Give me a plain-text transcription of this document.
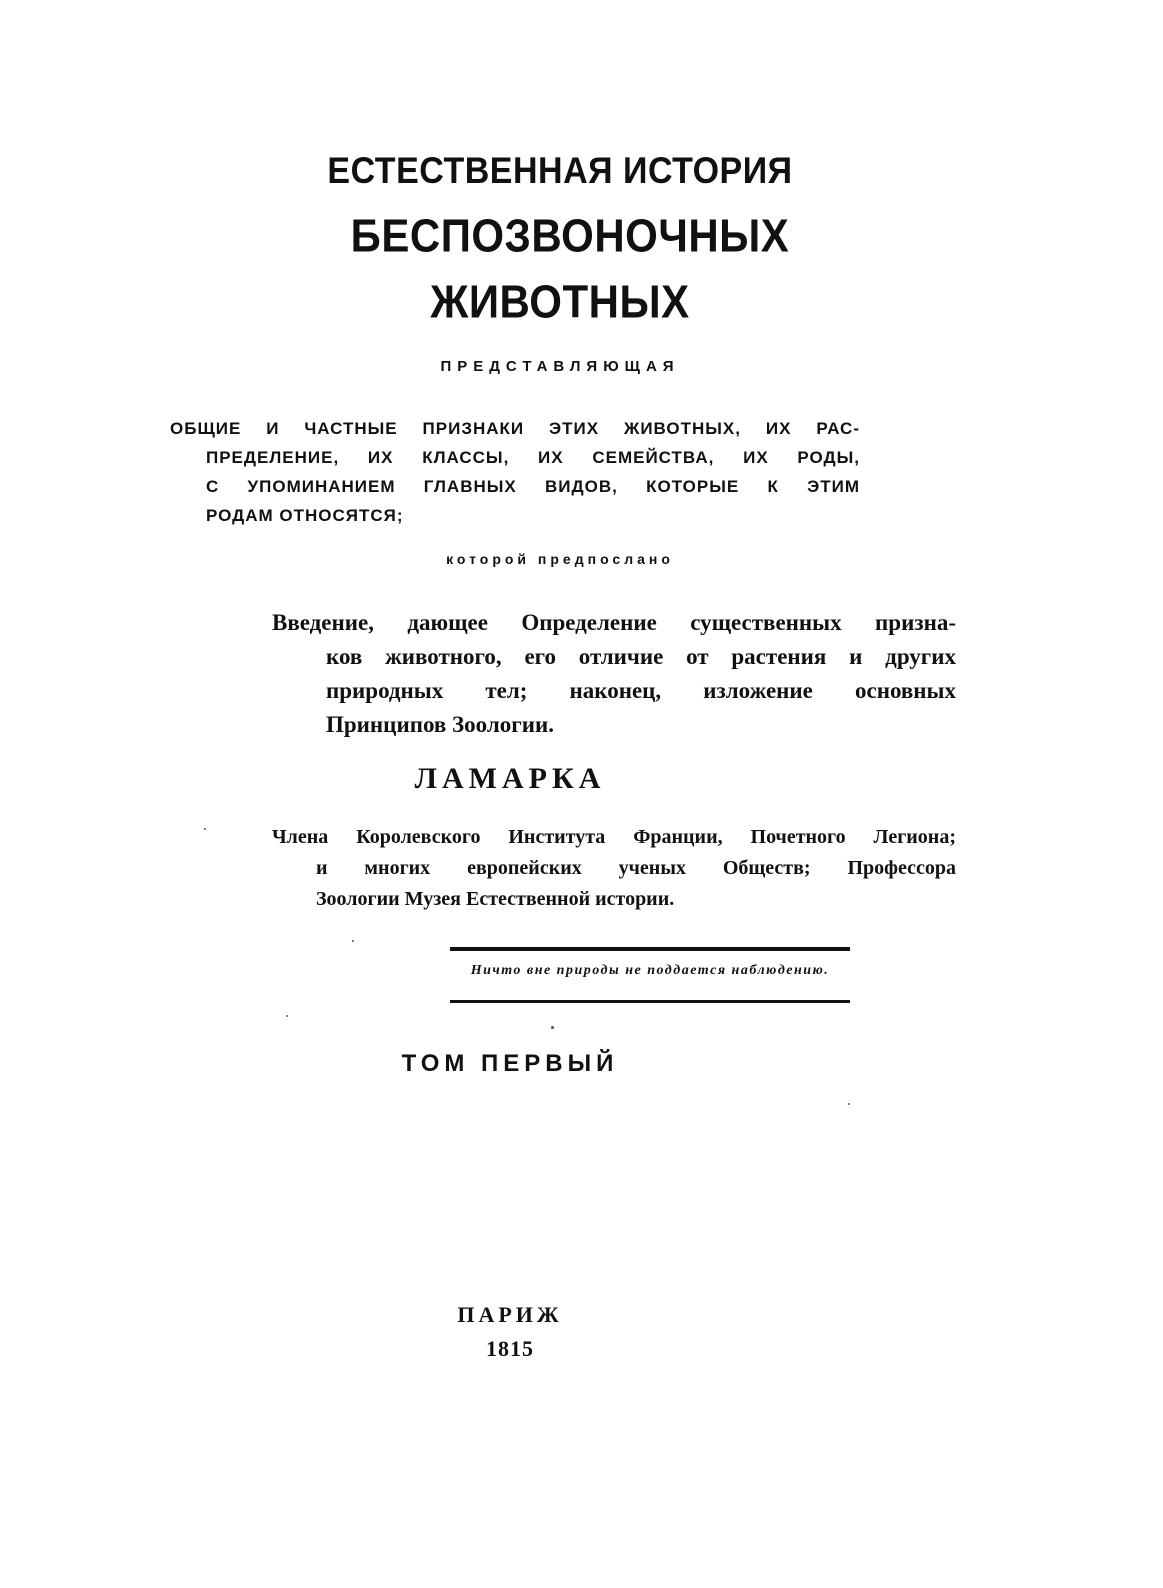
ЕСТЕСТВЕННАЯ ИСТОРИЯ
БЕСПОЗВОНОЧНЫХ
ЖИВОТНЫХ
ПРЕДСТАВЛЯЮЩАЯ
ОБЩИЕ И ЧАСТНЫЕ ПРИЗНАКИ ЭТИХ ЖИВОТНЫХ, ИХ РАС-
ПРЕДЕЛЕНИЕ, ИХ КЛАССЫ, ИХ СЕМЕЙСТВА, ИХ РОДЫ,
С УПОМИНАНИЕМ ГЛАВНЫХ ВИДОВ, КОТОРЫЕ К ЭТИМ
РОДАМ ОТНОСЯТСЯ;
которой предпослано
Введение, дающее Определение существенных призна-
ков животного, его отличие от растения и других
природных тел; наконец, изложение основных
Принципов Зоологии.
ЛАМАРКА
Члена Королевского Института Франции, Почетного Легиона;
и многих европейских ученых Обществ; Профессора
Зоологии Музея Естественной истории.
Ничто вне природы не поддается наблюдению.
ТОМ ПЕРВЫЙ
ПАРИЖ
1815
